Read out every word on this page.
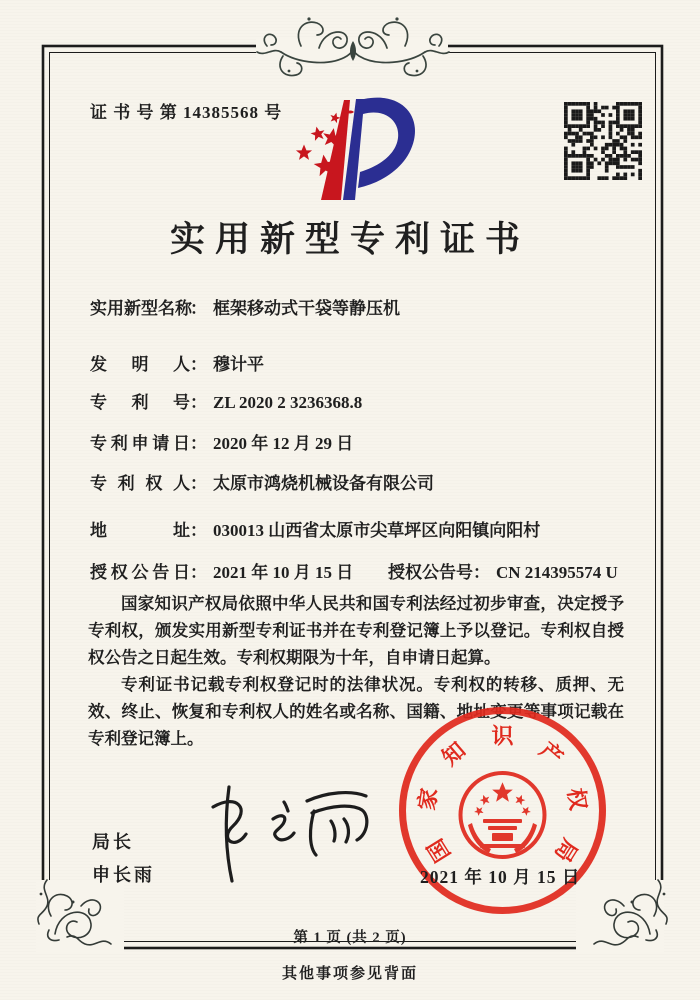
证 书 号 第 14385568 号
实用新型专利证书
实用新型名称： 框架移动式干袋等静压机
发明人： 穆计平
专利号： ZL 2020 2 3236368.8
专利申请日： 2020 年 12 月 29 日
专利权人： 太原市鸿烧机械设备有限公司
地址： 030013 山西省太原市尖草坪区向阳镇向阳村
授权公告日： 2021 年 10 月 15 日 授权公告号： CN 214395574 U

国家知识产权局依照中华人民共和国专利法经过初步审查，决定授予专利权，颁发实用新型专利证书并在专利登记簿上予以登记。专利权自授权公告之日起生效。专利权期限为十年，自申请日起算。

专利证书记载专利权登记时的法律状况。专利权的转移、质押、无效、终止、恢复和专利权人的姓名或名称、国籍、地址变更等事项记载在专利登记簿上。

局长
申长雨
国
家
知
识
产
权
局
2021 年 10 月 15 日
第 1 页 (共 2 页)
其他事项参见背面
